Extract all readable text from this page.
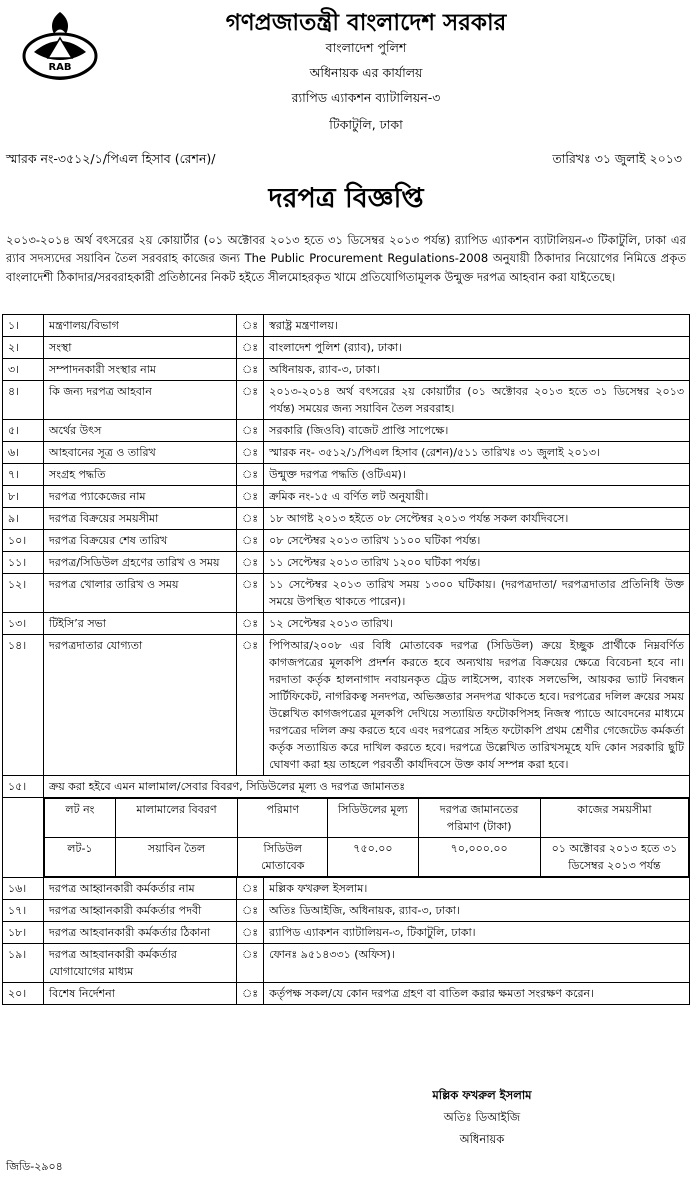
RAB
গণপ্রজাতন্ত্রী বাংলাদেশ সরকার
বাংলাদেশ পুলিশ
অধিনায়ক এর কার্যালয়
র‌্যাপিড এ্যাকশন ব্যাটালিয়ন-৩
টিকাটুলি, ঢাকা
স্মারক নং-৩৫১২/১/পিএল হিসাব (রেশন)/	তারিখঃ ৩১ জুলাই ২০১৩
দরপত্র বিজ্ঞপ্তি
২০১৩-২০১৪ অর্থ বৎসরের ২য় কোয়ার্টার (০১ অক্টোবর ২০১৩ হতে ৩১ ডিসেম্বর ২০১৩ পর্যন্ত) র‌্যাপিড এ্যাকশন ব্যাটালিয়ন-৩ টিকাটুলি, ঢাকা এর র‌্যাব সদস্যদের সয়াবিন তৈল সরবরাহ কাজের জন্য The Public Procurement Regulations-2008 অনুযায়ী ঠিকাদার নিয়োগের নিমিত্তে প্রকৃত বাংলাদেশী ঠিকাদার/সরবরাহকারী প্রতিষ্ঠানের নিকট হইতে সীলমোহরকৃত খামে প্রতিযোগিতামূলক উন্মুক্ত দরপত্র আহবান করা যাইতেছে।
১।	মন্ত্রণালয়/বিভাগ	ঃ	স্বরাষ্ট্র মন্ত্রণালয়।
২।	সংস্থা	ঃ	বাংলাদেশ পুলিশ (র‌্যাব), ঢাকা।
৩।	সম্পাদনকারী সংস্থার নাম	ঃ	অধিনায়ক, র‌্যাব-৩, ঢাকা।
৪।	কি জন্য দরপত্র আহবান	ঃ	২০১৩-২০১৪ অর্থ বৎসরের ২য় কোয়ার্টার (০১ অক্টোবর ২০১৩ হতে ৩১ ডিসেম্বর ২০১৩ পর্যন্ত) সময়ের জন্য সয়াবিন তৈল সরবরাহ।
৫।	অর্থের উৎস	ঃ	সরকারি (জিওবি) বাজেট প্রাপ্তি সাপেক্ষে।
৬।	আহবানের সূত্র ও তারিখ	ঃ	স্মারক নং- ৩৫১২/১/পিএল হিসাব (রেশন)/৫১১ তারিখঃ ৩১ জুলাই ২০১৩।
৭।	সংগ্রহ পদ্ধতি	ঃ	উন্মুক্ত দরপত্র পদ্ধতি (ওটিএম)।
৮।	দরপত্র প্যাকেজের নাম	ঃ	ক্রমিক নং-১৫ এ বর্ণিত লট অনুযায়ী।
৯।	দরপত্র বিক্রয়ের সময়সীমা	ঃ	১৮ আগষ্ট ২০১৩ হইতে ০৮ সেপ্টেম্বর ২০১৩ পর্যন্ত সকল কার্যদিবসে।
১০।	দরপত্র বিক্রয়ের শেষ তারিখ	ঃ	০৮ সেপ্টেম্বর ২০১৩ তারিখ ১১০০ ঘটিকা পর্যন্ত।
১১।	দরপত্র/সিডিউল গ্রহণের তারিখ ও সময়	ঃ	১১ সেপ্টেম্বর ২০১৩ তারিখ ১২০০ ঘটিকা পর্যন্ত।
১২।	দরপত্র খোলার তারিখ ও সময়	ঃ	১১ সেপ্টেম্বর ২০১৩ তারিখ সময় ১৩০০ ঘটিকায়। (দরপত্রদাতা/ দরপত্রদাতার প্রতিনিধি উক্ত সময়ে উপস্থিত থাকতে পারেন)।
১৩।	টিইসি’র সভা	ঃ	১২ সেপ্টেম্বর ২০১৩ তারিখ।
১৪।	দরপত্রদাতার যোগ্যতা	ঃ	পিপিআর/২০০৮ এর বিধি মোতাবেক দরপত্র (সিডিউল) ক্রয়ে ইচ্ছুক প্রার্থীকে নিম্নবর্ণিত কাগজপত্রের মূলকপি প্রদর্শন করতে হবে অন্যথায় দরপত্র বিক্রয়ের ক্ষেত্রে বিবেচনা হবে না। দরদাতা কর্তৃক হালনাগাদ নবায়নকৃত ট্রেড লাইসেন্স, ব্যাংক সলভেন্সি, আয়কর ভ্যাট নিবন্ধন সার্টিফিকেট, নাগরিকত্ব সনদপত্র, অভিজ্ঞতার সনদপত্র থাকতে হবে। দরপত্রের দলিল ক্রয়ের সময় উল্লেখিত কাগজপত্রের মূলকপি দেখিয়ে সত্যায়িত ফটোকপিসহ নিজস্ব প্যাডে আবেদনের মাধ্যমে দরপত্রের দলিল ক্রয় করতে হবে এবং দরপত্রের সহিত ফটোকপি প্রথম শ্রেণীর গেজেটেড কর্মকর্তা কর্তৃক সত্যায়িত করে দাখিল করতে হবে। দরপত্রে উল্লেখিত তারিখসমূহে যদি কোন সরকারি ছুটি ঘোষণা করা হয় তাহলে পরবর্তী কার্যদিবসে উক্ত কার্য সম্পন্ন করা হবে।
১৫।	ক্রয় করা হইবে এমন মালামাল/সেবার বিবরণ, সিডিউলের মূল্য ও দরপত্র জামানতঃ

লট নং	মালামালের বিবরণ	পরিমাণ	সিডিউলের মূল্য	দরপত্র জামানতের পরিমাণ (টাকা)	কাজের সময়সীমা
লট-১	সয়াবিন তৈল	সিডিউল মোতাবেক	৭৫০.০০	৭০,০০০.০০	০১ অক্টোবর ২০১৩ হতে ৩১ ডিসেম্বর ২০১৩ পর্যন্ত

১৬।	দরপত্র আহ্বানকারী কর্মকর্তার নাম	ঃ	মল্লিক ফখরুল ইসলাম।
১৭।	দরপত্র আহ্বানকারী কর্মকর্তার পদবী	ঃ	অতিঃ ডিআইজি, অধিনায়ক, র‌্যাব-৩, ঢাকা।
১৮।	দরপত্র আহবানকারী কর্মকর্তার ঠিকানা	ঃ	র‌্যাপিড এ্যাকশন ব্যাটালিয়ন-৩, টিকাটুলি, ঢাকা।
১৯।	দরপত্র আহবানকারী কর্মকর্তার যোগাযোগের মাধ্যম	ঃ	ফোনঃ ৯৫১৪৩৩১ (অফিস)।
২০।	বিশেষ নির্দেশনা	ঃ	কর্তৃপক্ষ সকল/যে কোন দরপত্র গ্রহণ বা বাতিল করার ক্ষমতা সংরক্ষণ করেন।
মল্লিক ফখরুল ইসলাম
অতিঃ ডিআইজি
অধিনায়ক
জিডি-২৯০৪
